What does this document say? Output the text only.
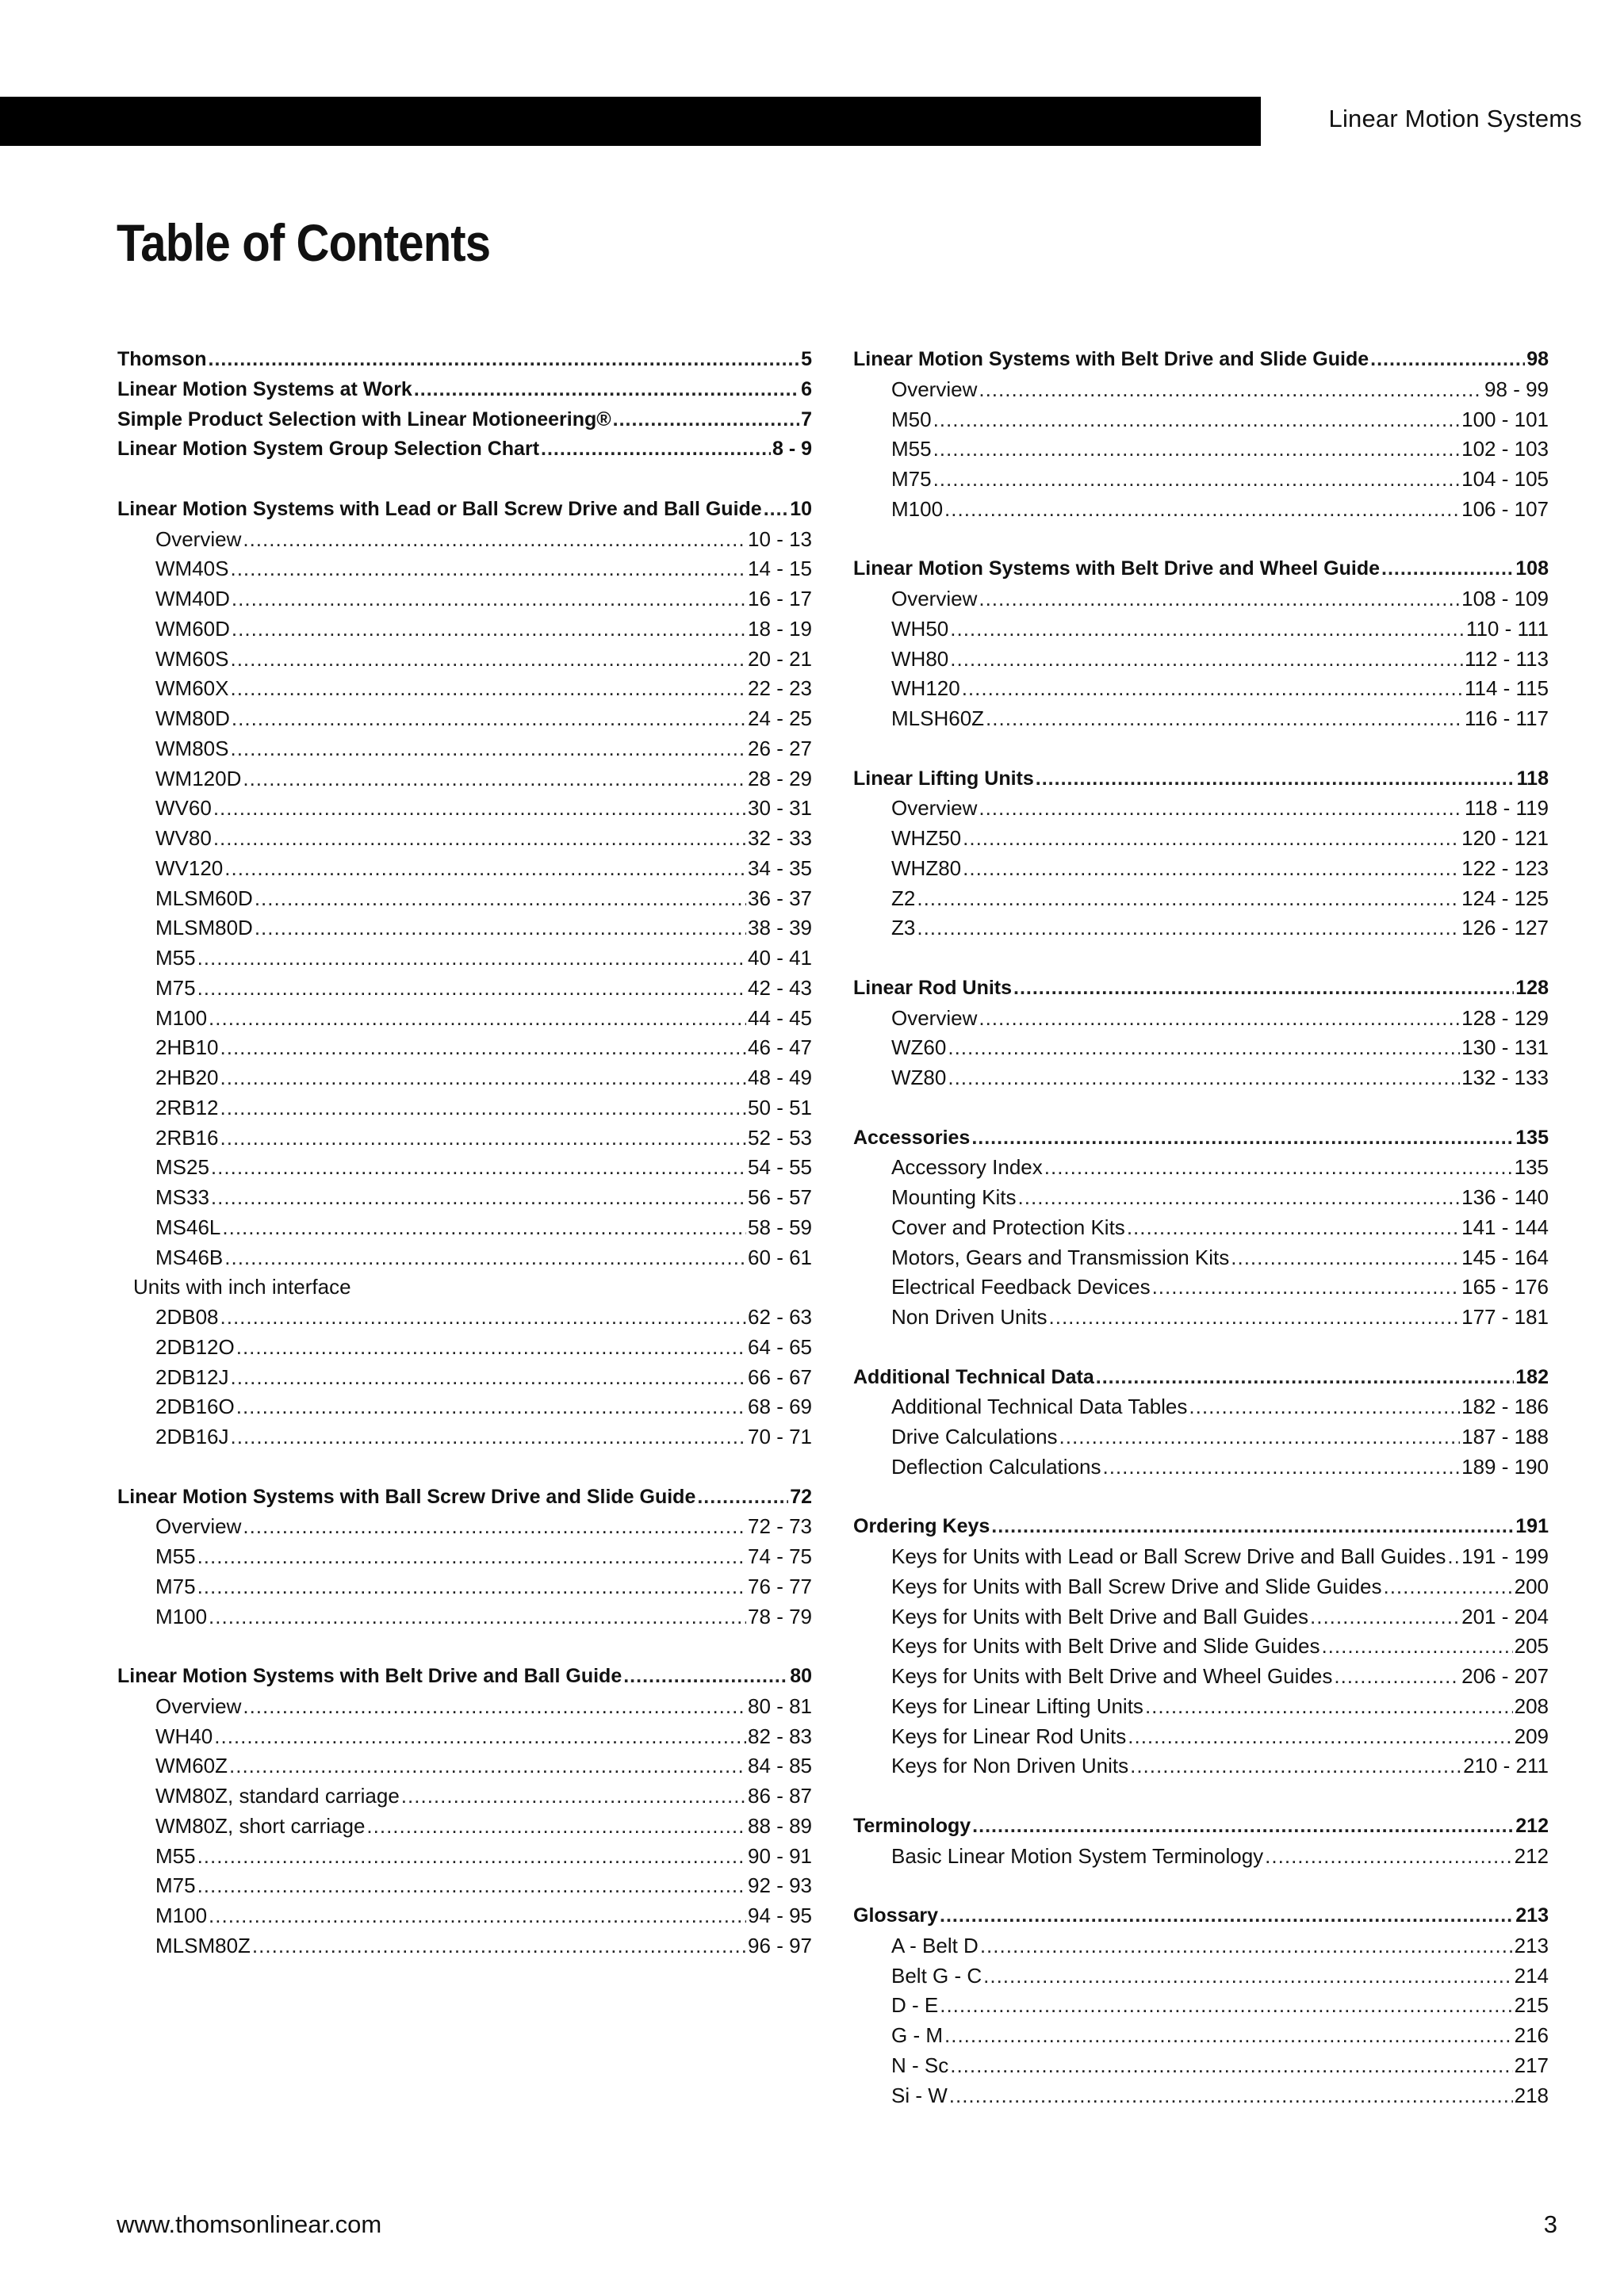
Linear Motion Systems
Table of Contents
Thomson .....	5
Linear Motion Systems at Work .....	6
Simple Product Selection with Linear Motioneering® .....	7
Linear Motion System Group Selection Chart .....	8 - 9
Linear Motion Systems with Lead or Ball Screw Drive and Ball Guide ..... 10
Overview .....	10 - 13
WM40S .....	14 - 15
WM40D .....	16 - 17
WM60D .....	18 - 19
WM60S .....	20 - 21
WM60X .....	22 - 23
WM80D .....	24 - 25
WM80S .....	26 - 27
WM120D .....	28 - 29
WV60 .....	30 - 31
WV80 .....	32 - 33
WV120 .....	34 - 35
MLSM60D .....	36 - 37
MLSM80D .....	38 - 39
M55 .....	40 - 41
M75 .....	42 - 43
M100 .....	44 - 45
2HB10 .....	46 - 47
2HB20 .....	48 - 49
2RB12 .....	50 - 51
2RB16 .....	52 - 53
MS25 .....	54 - 55
MS33 .....	56 - 57
MS46L .....	58 - 59
MS46B .....	60 - 61
Units with inch interface
2DB08 .....	62 - 63
2DB12O .....	64 - 65
2DB12J .....	66 - 67
2DB16O .....	68 - 69
2DB16J .....	70 - 71
Linear Motion Systems with Ball Screw Drive and Slide Guide .....	72
Overview .....	72 - 73
M55 .....	74 - 75
M75 .....	76 - 77
M100 .....	78 - 79
Linear Motion Systems with Belt Drive and Ball Guide .....	80
Overview .....	80 - 81
WH40 .....	82 - 83
WM60Z .....	84 - 85
WM80Z, standard carriage .....	86 - 87
WM80Z, short carriage .....	88 - 89
M55 .....	90 - 91
M75 .....	92 - 93
M100 .....	94 - 95
MLSM80Z .....	96 - 97
Linear Motion Systems with Belt Drive and Slide Guide .....	98
Overview .....	98 - 99
M50 .....	100 - 101
M55 .....	102 - 103
M75 .....	104 - 105
M100 .....	106 - 107
Linear Motion Systems with Belt Drive and Wheel Guide .....	108
Overview .....	108 - 109
WH50 .....	110 - 111
WH80 .....	112 - 113
WH120 .....	114 - 115
MLSH60Z .....	116 - 117
Linear Lifting Units .....	118
Overview .....	118 - 119
WHZ50 .....	120 - 121
WHZ80 .....	122 - 123
Z2 .....	124 - 125
Z3 .....	126 - 127
Linear Rod Units .....	128
Overview .....	128 - 129
WZ60 .....	130 - 131
WZ80 .....	132 - 133
Accessories .....	135
Accessory Index .....	135
Mounting Kits .....	136 - 140
Cover and Protection Kits .....	141 - 144
Motors, Gears and Transmission Kits .....	145 - 164
Electrical Feedback Devices .....	165 - 176
Non Driven Units .....	177 - 181
Additional Technical Data .....	182
Additional Technical Data Tables .....	182 - 186
Drive Calculations .....	187 - 188
Deflection Calculations .....	189 - 190
Ordering Keys .....	191
Keys for Units with Lead or Ball Screw Drive and Ball Guides ..... 191 - 199
Keys for Units with Ball Screw Drive and Slide Guides .....	200
Keys for Units with Belt Drive and Ball Guides .....	201 - 204
Keys for Units with Belt Drive and Slide Guides .....	205
Keys for Units with Belt Drive and Wheel Guides .....	206 - 207
Keys for Linear Lifting Units .....	208
Keys for Linear Rod Units .....	209
Keys for Non Driven Units .....	210 - 211
Terminology .....	212
Basic Linear Motion System Terminology .....	212
Glossary .....	213
A - Belt D .....	213
Belt G - C .....	214
D - E .....	215
G - M .....	216
N - Sc .....	217
Si - W .....	218
www.thomsonlinear.com	3
